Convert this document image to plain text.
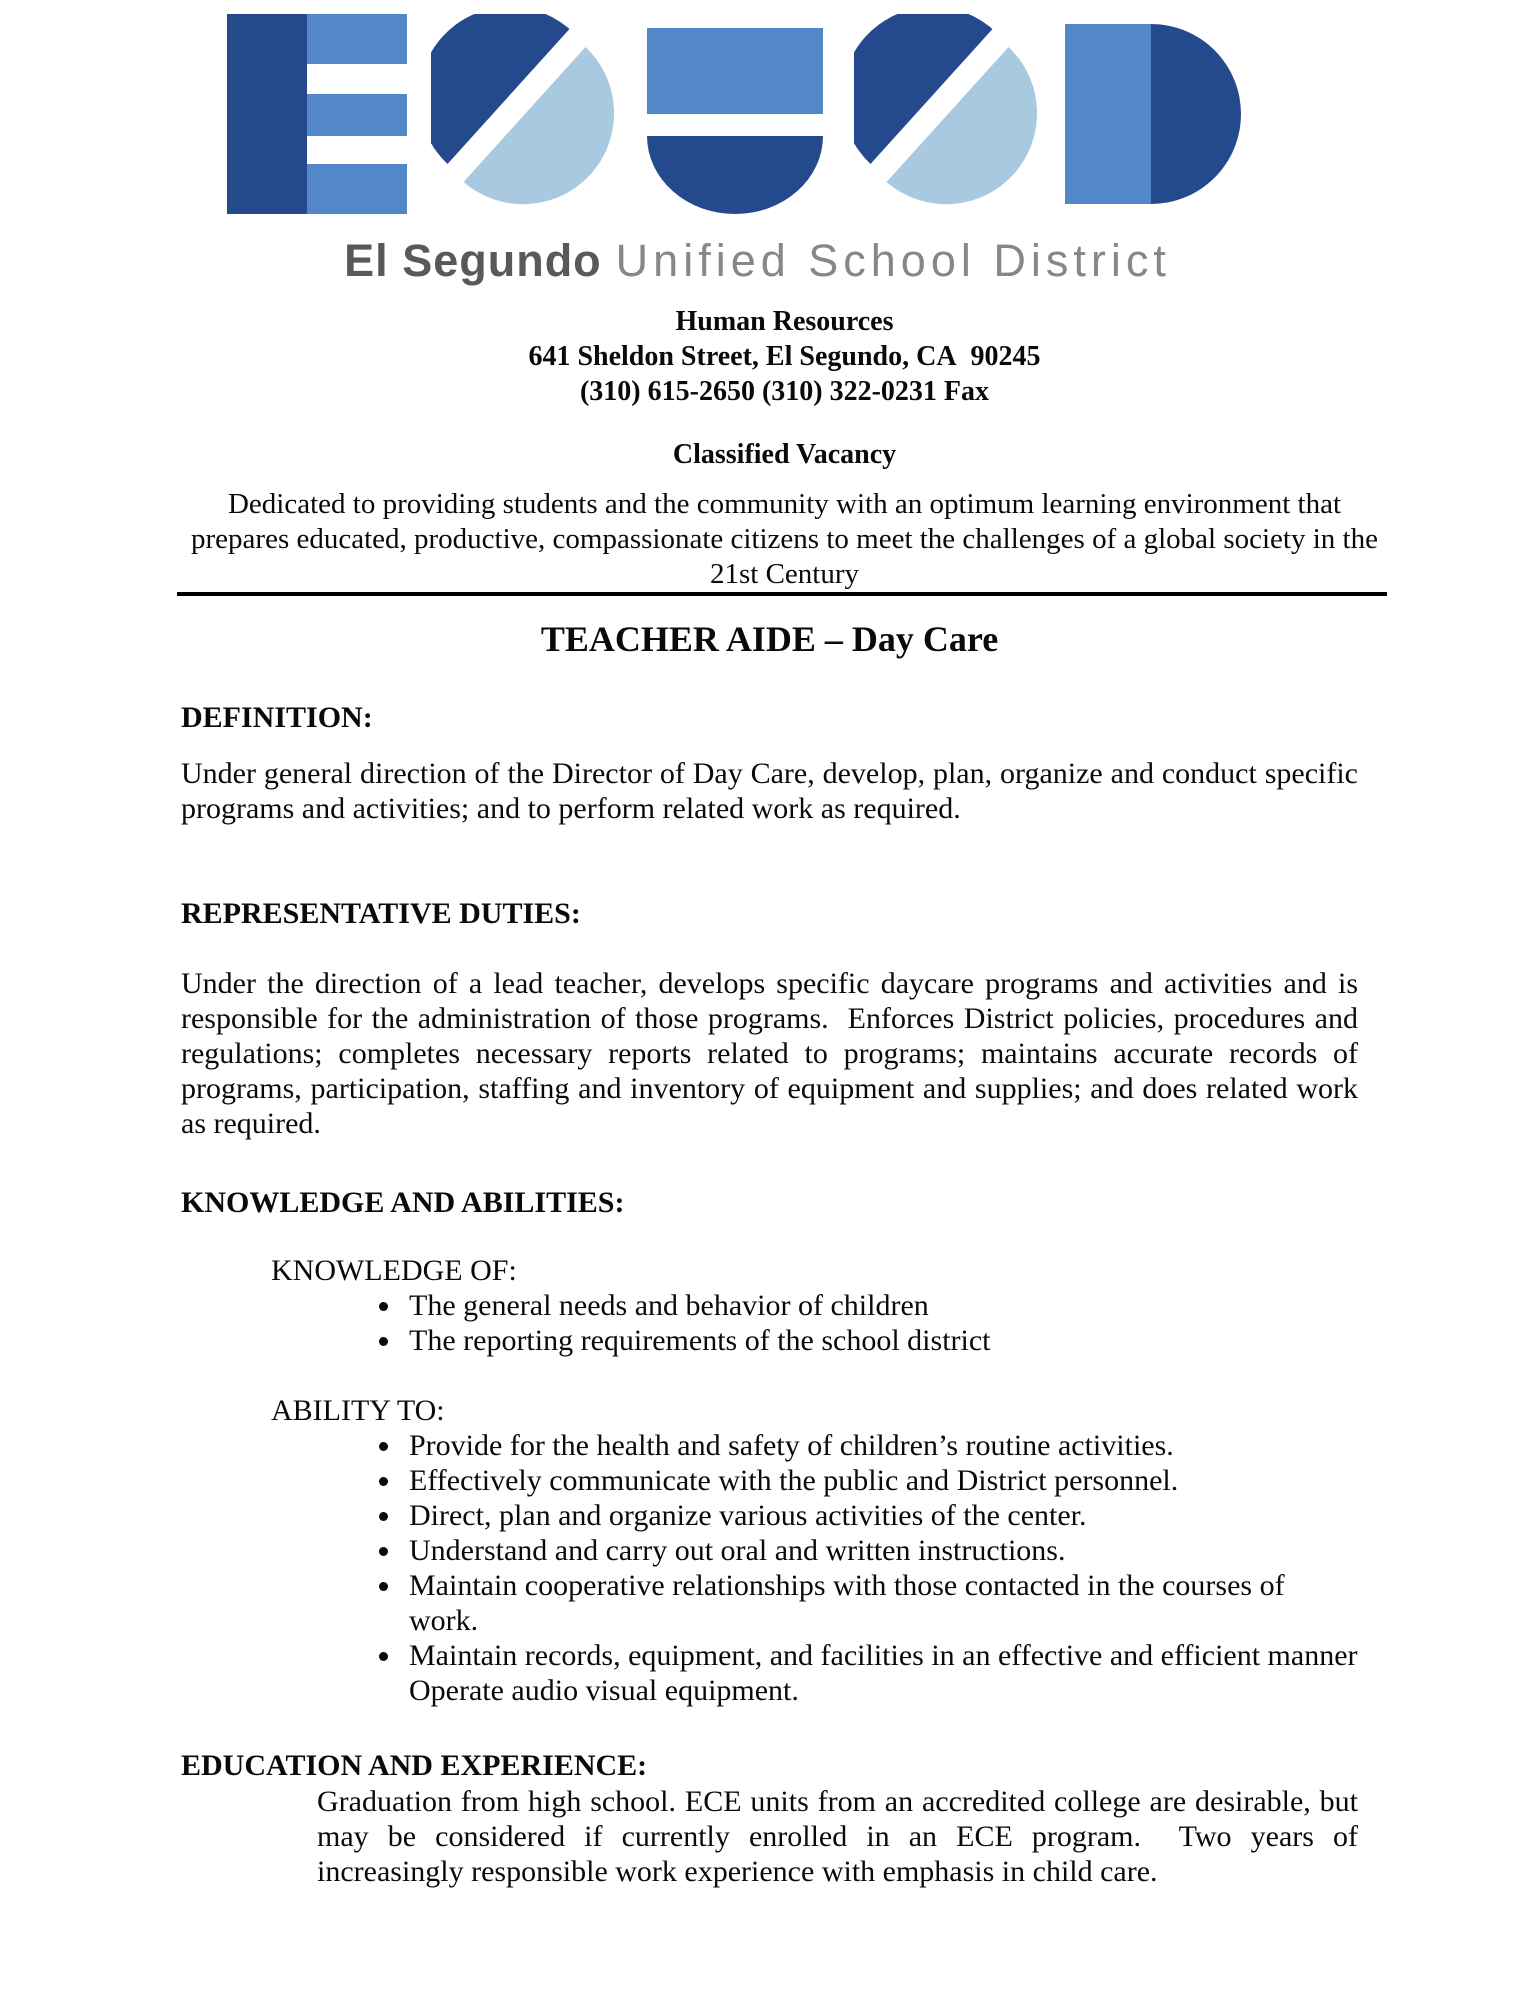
El Segundo Unified School District
Human Resources
641 Sheldon Street, El Segundo, CA  90245
(310) 615-2650 (310) 322-0231 Fax
Classified Vacancy
Dedicated to providing students and the community with an optimum learning environment that prepares educated, productive, compassionate citizens to meet the challenges of a global society in the 21st Century
TEACHER AIDE – Day Care
DEFINITION:
Under general direction of the Director of Day Care, develop, plan, organize and conduct specific programs and activities; and to perform related work as required.
REPRESENTATIVE DUTIES:
Under the direction of a lead teacher, develops specific daycare programs and activities and is responsible for the administration of those programs.  Enforces District policies, procedures and regulations; completes necessary reports related to programs; maintains accurate records of programs, participation, staffing and inventory of equipment and supplies; and does related work as required.
KNOWLEDGE AND ABILITIES:
KNOWLEDGE OF:
• The general needs and behavior of children
• The reporting requirements of the school district
ABILITY TO:
• Provide for the health and safety of children’s routine activities.
• Effectively communicate with the public and District personnel.
• Direct, plan and organize various activities of the center.
• Understand and carry out oral and written instructions.
• Maintain cooperative relationships with those contacted in the courses of work.
• Maintain records, equipment, and facilities in an effective and efficient manner Operate audio visual equipment.
EDUCATION AND EXPERIENCE:
Graduation from high school. ECE units from an accredited college are desirable, but may be considered if currently enrolled in an ECE program.  Two years of increasingly responsible work experience with emphasis in child care.
